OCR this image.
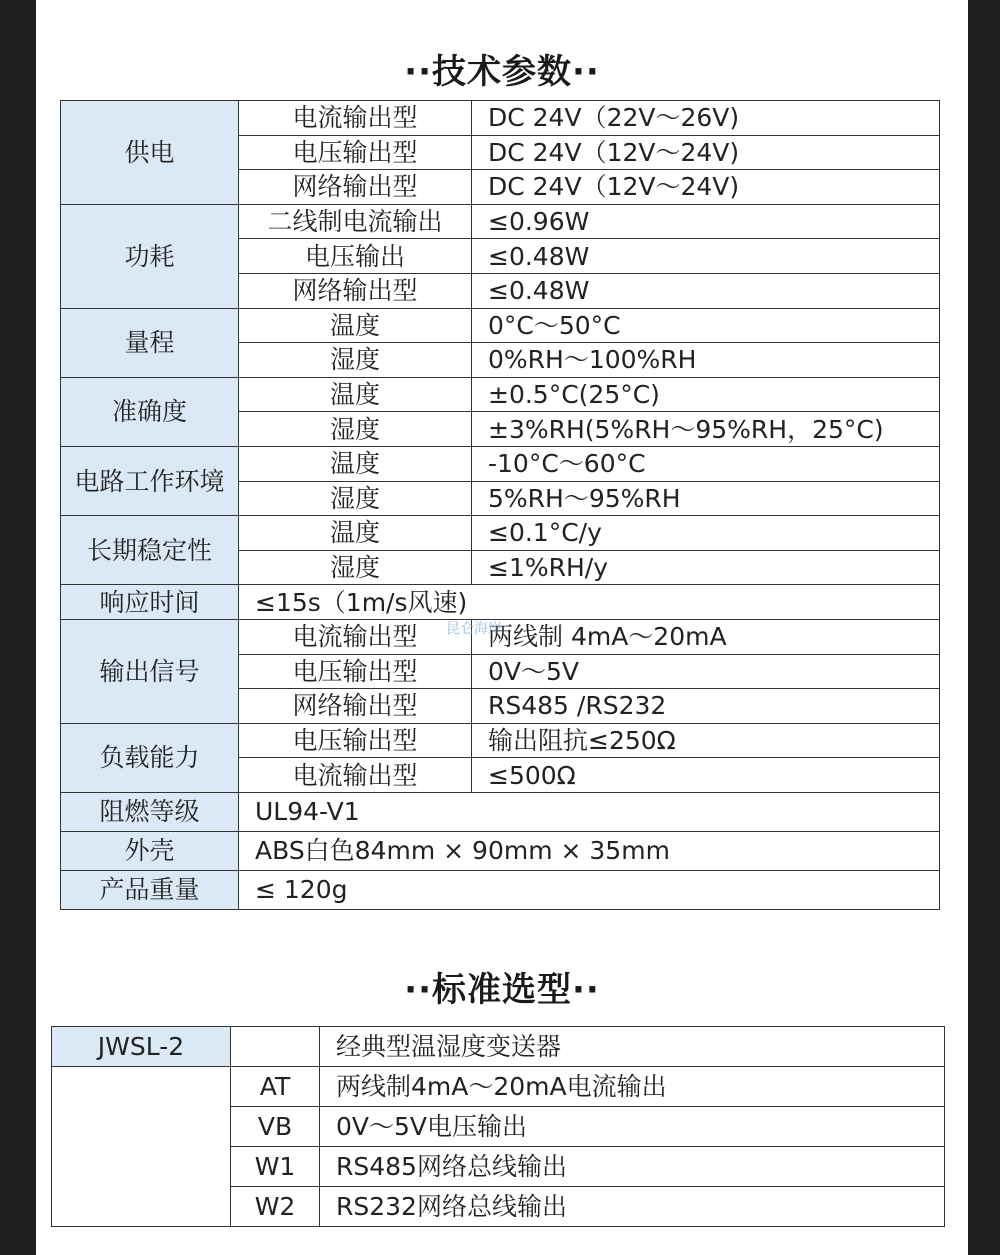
··技术参数··
供电	电流输出型	DC 24V（22V～26V)
	电压输出型	DC 24V（12V～24V)
	网络输出型	DC 24V（12V～24V)
功耗	二线制电流输出	≤0.96W
	电压输出	≤0.48W
	网络输出型	≤0.48W
量程	温度	0°C～50°C
	湿度	0%RH～100%RH
准确度	温度	±0.5°C(25°C)
	湿度	±3%RH(5%RH～95%RH，25°C)
电路工作环境	温度	-10°C～60°C
	湿度	5%RH～95%RH
长期稳定性	温度	≤0.1°C/y
	湿度	≤1%RH/y
响应时间	≤15s（1m/s风速)	
输出信号	电流输出型	两线制 4mA～20mA
	电压输出型	0V～5V
	网络输出型	RS485 /RS232
负载能力	电压输出型	输出阻抗≤250Ω
	电流输出型	≤500Ω
阻燃等级	UL94-V1	
外壳	ABS白色84mm × 90mm × 35mm	
产品重量	≤ 120g	
昆仑海岸
··标准选型··
JWSL-2		经典型温湿度变送器
	AT	两线制4mA～20mA电流输出
	VB	0V～5V电压输出
	W1	RS485网络总线输出
	W2	RS232网络总线输出
